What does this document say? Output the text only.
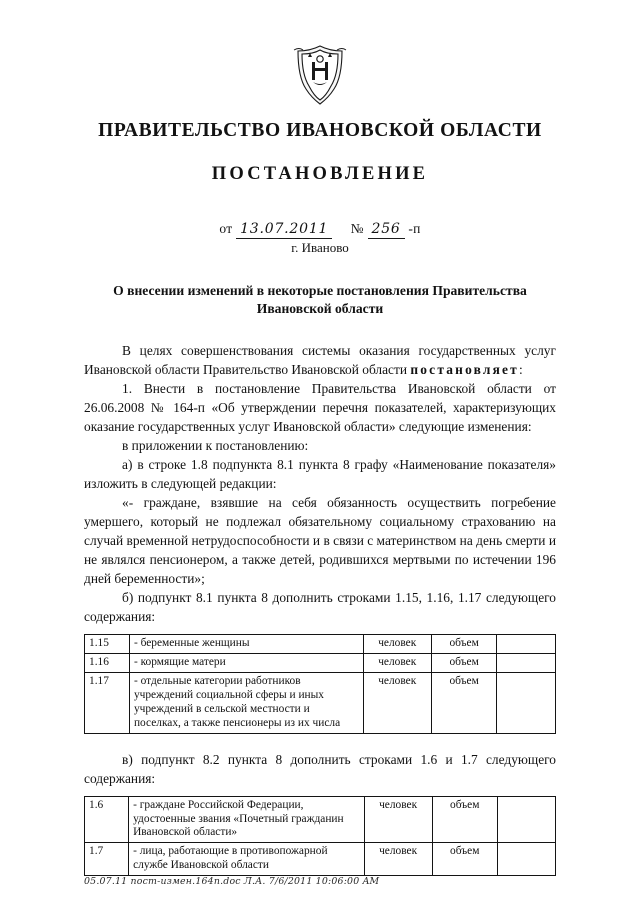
ПРАВИТЕЛЬСТВО ИВАНОВСКОЙ ОБЛАСТИ
ПОСТАНОВЛЕНИЕ
от 13.07.2011 № 256 -п
г. Иваново
О внесении изменений в некоторые постановления Правительства Ивановской области

В целях совершенствования системы оказания государственных услуг Ивановской области Правительство Ивановской области постановляет:

1. Внести в постановление Правительства Ивановской области от 26.06.2008 № 164-п «Об утверждении перечня показателей, характеризующих оказание государственных услуг Ивановской области» следующие изменения:

в приложении к постановлению:

а) в строке 1.8 подпункта 8.1 пункта 8 графу «Наименование показателя» изложить в следующей редакции:

«- граждане, взявшие на себя обязанность осуществить погребение умершего, который не подлежал обязательному социальному страхованию на случай временной нетрудоспособности и в связи с материнством на день смерти и не являлся пенсионером, а также детей, родившихся мертвыми по истечении 196 дней беременности»;

б) подпункт 8.1 пункта 8 дополнить строками 1.15, 1.16, 1.17 следующего содержания:

1.15	- беременные женщины	человек	объем	
1.16	- кормящие матери	человек	объем	
1.17	- отдельные категории работников учреждений социальной сферы и иных учреждений в сельской местности и поселках, а также пенсионеры из их числа	человек	объем	

в) подпункт 8.2 пункта 8 дополнить строками 1.6 и 1.7 следующего содержания:

1.6	- граждане Российской Федерации, удостоенные звания «Почетный гражданин Ивановской области»	человек	объем	
1.7	- лица, работающие в противопожарной службе Ивановской области	человек	объем	
05.07.11 пост-измен.164п.doc Л.А. 7/6/2011 10:06:00 AM
